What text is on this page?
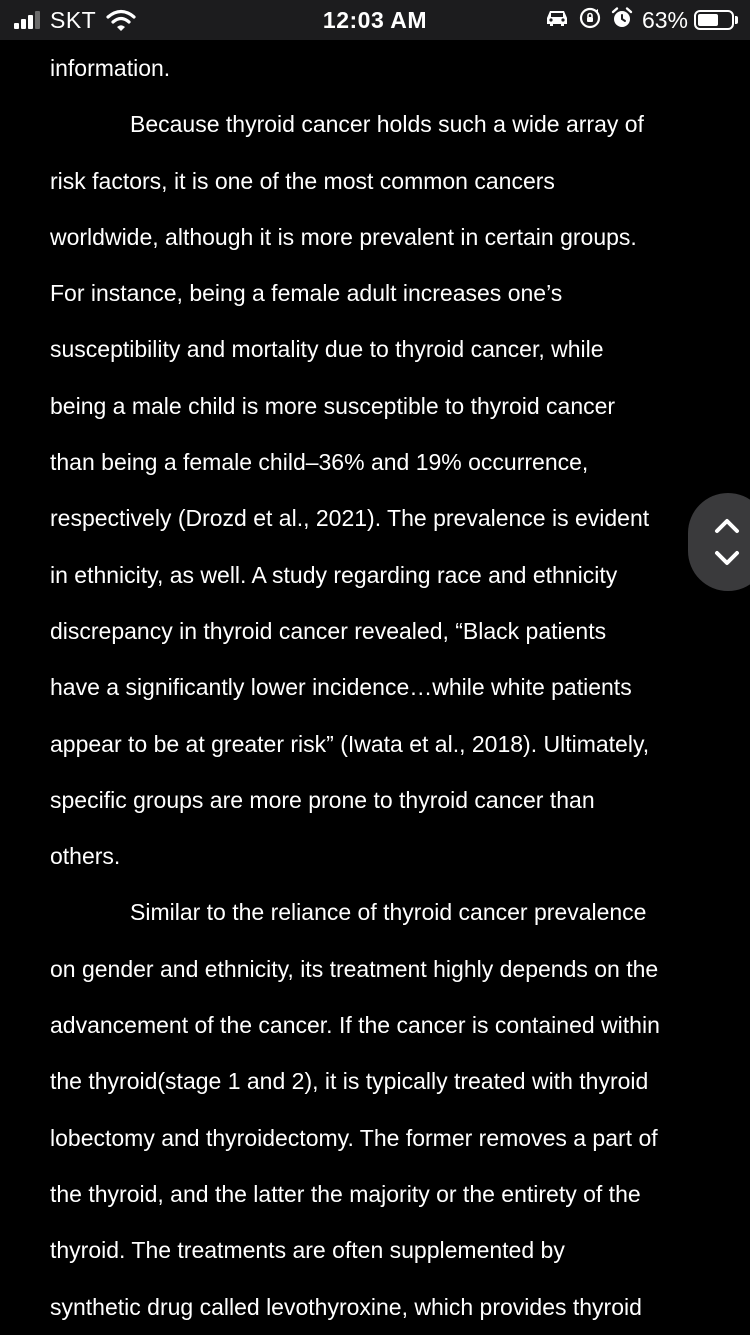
SKT	12:03 AM	63%

information.

Because thyroid cancer holds such a wide array of
risk factors, it is one of the most common cancers
worldwide, although it is more prevalent in certain groups.
For instance, being a female adult increases one’s
susceptibility and mortality due to thyroid cancer, while
being a male child is more susceptible to thyroid cancer
than being a female child–36% and 19% occurrence,
respectively (Drozd et al., 2021). The prevalence is evident
in ethnicity, as well. A study regarding race and ethnicity
discrepancy in thyroid cancer revealed, “Black patients
have a significantly lower incidence…while white patients
appear to be at greater risk” (Iwata et al., 2018). Ultimately,
specific groups are more prone to thyroid cancer than
others.

Similar to the reliance of thyroid cancer prevalence
on gender and ethnicity, its treatment highly depends on the
advancement of the cancer. If the cancer is contained within
the thyroid(stage 1 and 2), it is typically treated with thyroid
lobectomy and thyroidectomy. The former removes a part of
the thyroid, and the latter the majority or the entirety of the
thyroid. The treatments are often supplemented by
synthetic drug called levothyroxine, which provides thyroid
